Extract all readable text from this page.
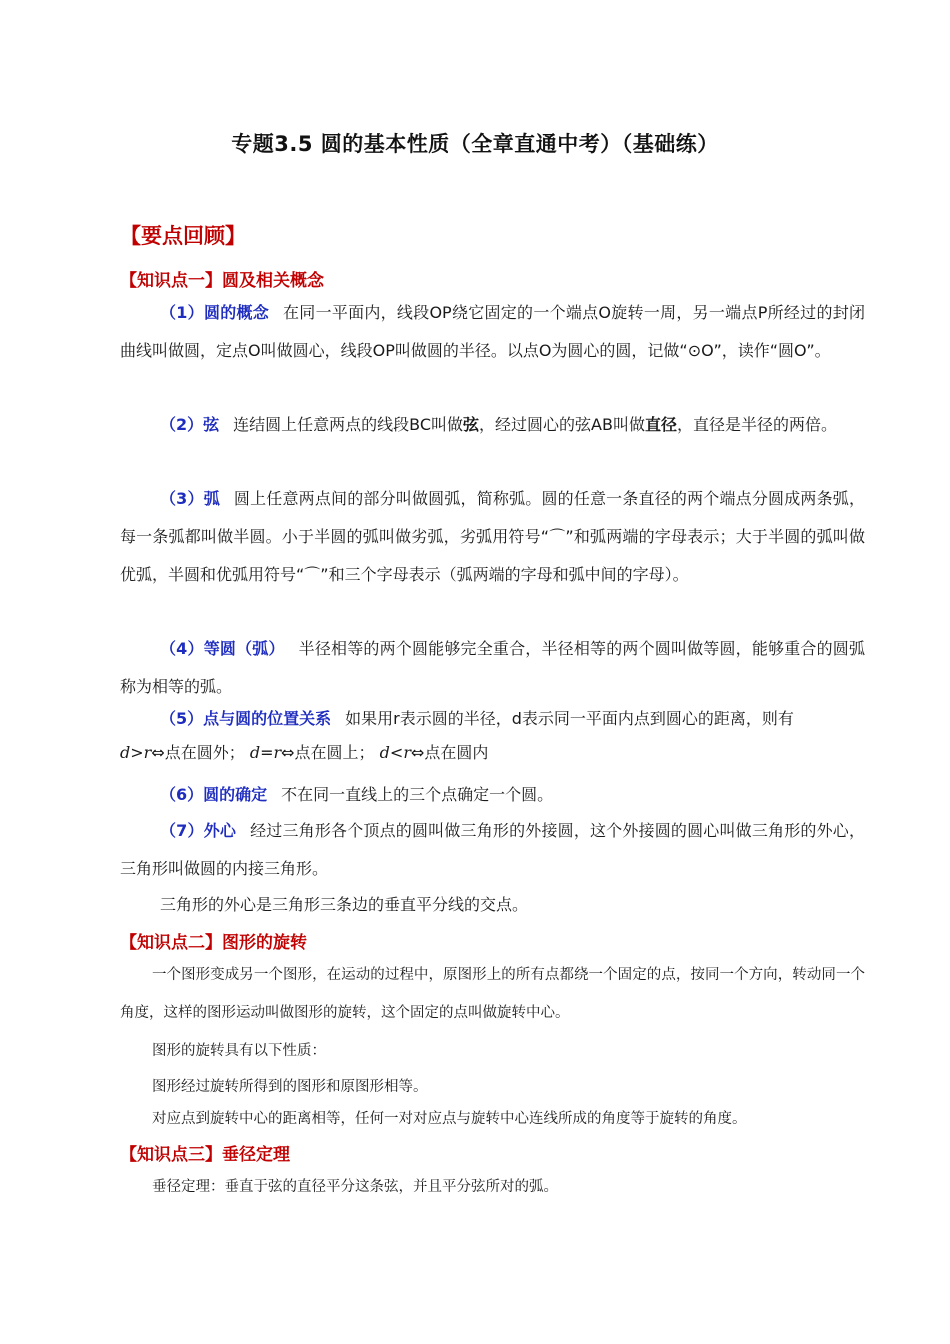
专题3.5 圆的基本性质（全章直通中考）（基础练）
【要点回顾】
【知识点一】圆及相关概念

（1）圆的概念 在同一平面内，线段OP绕它固定的一个端点O旋转一周，另一端点P所经过的封闭曲线叫做圆，定点O叫做圆心，线段OP叫做圆的半径。以点O为圆心的圆，记做“⊙O”，读作“圆O”。

（2）弦 连结圆上任意两点的线段BC叫做弦，经过圆心的弦AB叫做直径，直径是半径的两倍。

（3）弧 圆上任意两点间的部分叫做圆弧，简称弧。圆的任意一条直径的两个端点分圆成两条弧，每一条弧都叫做半圆。小于半圆的弧叫做劣弧，劣弧用符号“⌒”和弧两端的字母表示；大于半圆的弧叫做优弧，半圆和优弧用符号“⌒”和三个字母表示（弧两端的字母和弧中间的字母）。

（4）等圆（弧） 半径相等的两个圆能够完全重合，半径相等的两个圆叫做等圆，能够重合的圆弧称为相等的弧。

（5）点与圆的位置关系 如果用r表示圆的半径，d表示同一平面内点到圆心的距离，则有
d>r⇔点在圆外； d=r⇔点在圆上； d<r⇔点在圆内

（6）圆的确定 不在同一直线上的三个点确定一个圆。

（7）外心 经过三角形各个顶点的圆叫做三角形的外接圆，这个外接圆的圆心叫做三角形的外心，三角形叫做圆的内接三角形。

三角形的外心是三角形三条边的垂直平分线的交点。

【知识点二】图形的旋转

一个图形变成另一个图形，在运动的过程中，原图形上的所有点都绕一个固定的点，按同一个方向，转动同一个角度，这样的图形运动叫做图形的旋转，这个固定的点叫做旋转中心。

图形的旋转具有以下性质：

图形经过旋转所得到的图形和原图形相等。

对应点到旋转中心的距离相等，任何一对对应点与旋转中心连线所成的角度等于旋转的角度。

【知识点三】垂径定理

垂径定理：垂直于弦的直径平分这条弦，并且平分弦所对的弧。
